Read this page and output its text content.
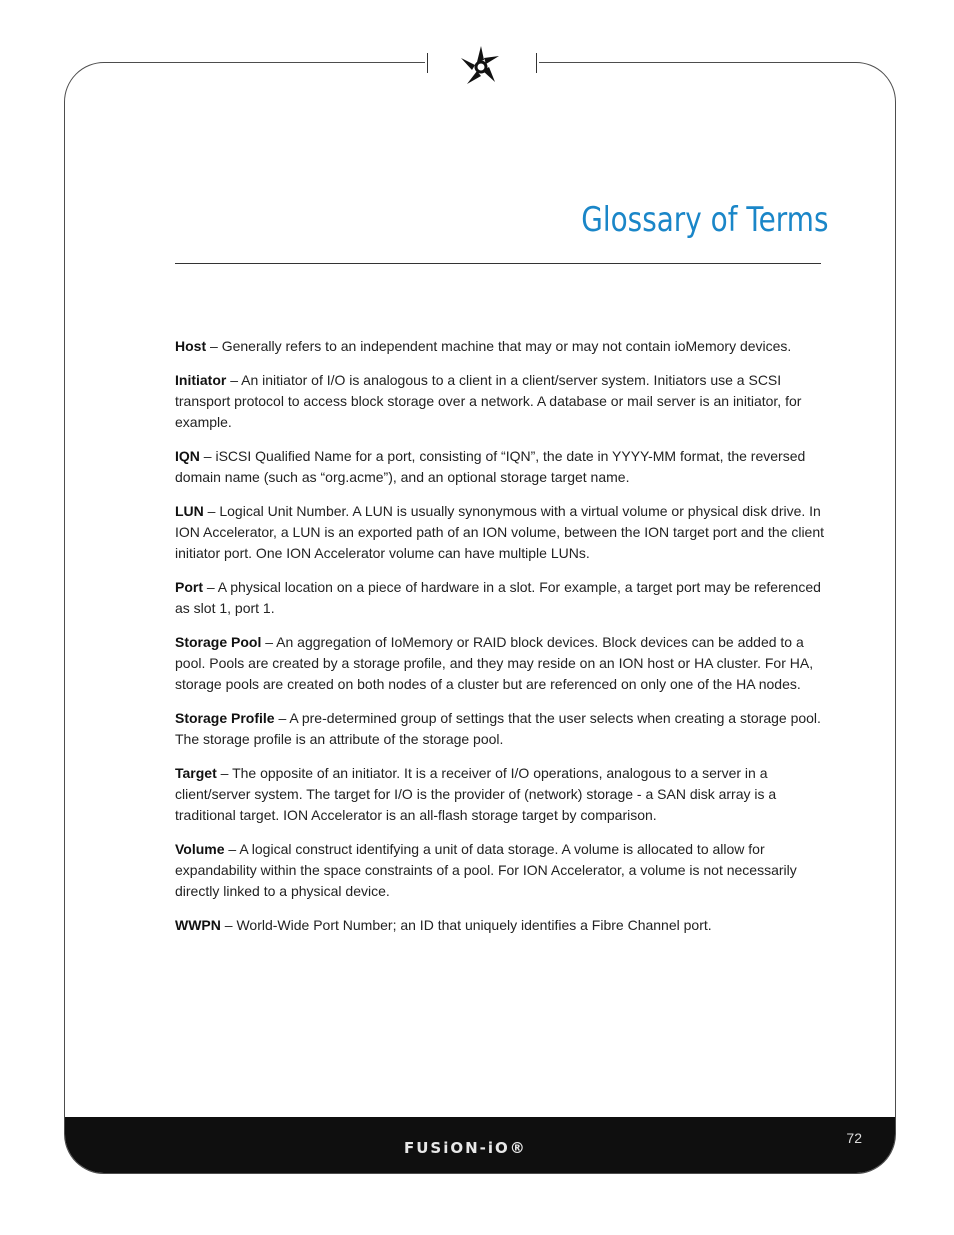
Glossary of Terms

Host – Generally refers to an independent machine that may or may not contain ioMemory devices.

Initiator – An initiator of I/O is analogous to a client in a client/server system. Initiators use a SCSI transport protocol to access block storage over a network. A database or mail server is an initiator, for example.

IQN – iSCSI Qualified Name for a port, consisting of “IQN”, the date in YYYY-MM format, the reversed domain name (such as “org.acme”), and an optional storage target name.

LUN – Logical Unit Number. A LUN is usually synonymous with a virtual volume or physical disk drive. In ION Accelerator, a LUN is an exported path of an ION volume, between the ION target port and the client initiator port. One ION Accelerator volume can have multiple LUNs.

Port – A physical location on a piece of hardware in a slot. For example, a target port may be referenced as slot 1, port 1.

Storage Pool – An aggregation of IoMemory or RAID block devices. Block devices can be added to a pool. Pools are created by a storage profile, and they may reside on an ION host or HA cluster. For HA, storage pools are created on both nodes of a cluster but are referenced on only one of the HA nodes.

Storage Profile – A pre-determined group of settings that the user selects when creating a storage pool. The storage profile is an attribute of the storage pool.

Target – The opposite of an initiator. It is a receiver of I/O operations, analogous to a server in a client/server system. The target for I/O is the provider of (network) storage - a SAN disk array is a traditional target. ION Accelerator is an all-flash storage target by comparison.

Volume – A logical construct identifying a unit of data storage. A volume is allocated to allow for expandability within the space constraints of a pool. For ION Accelerator, a volume is not necessarily directly linked to a physical device.

WWPN – World-Wide Port Number; an ID that uniquely identifies a Fibre Channel port.

FUSiON-iO®
72
